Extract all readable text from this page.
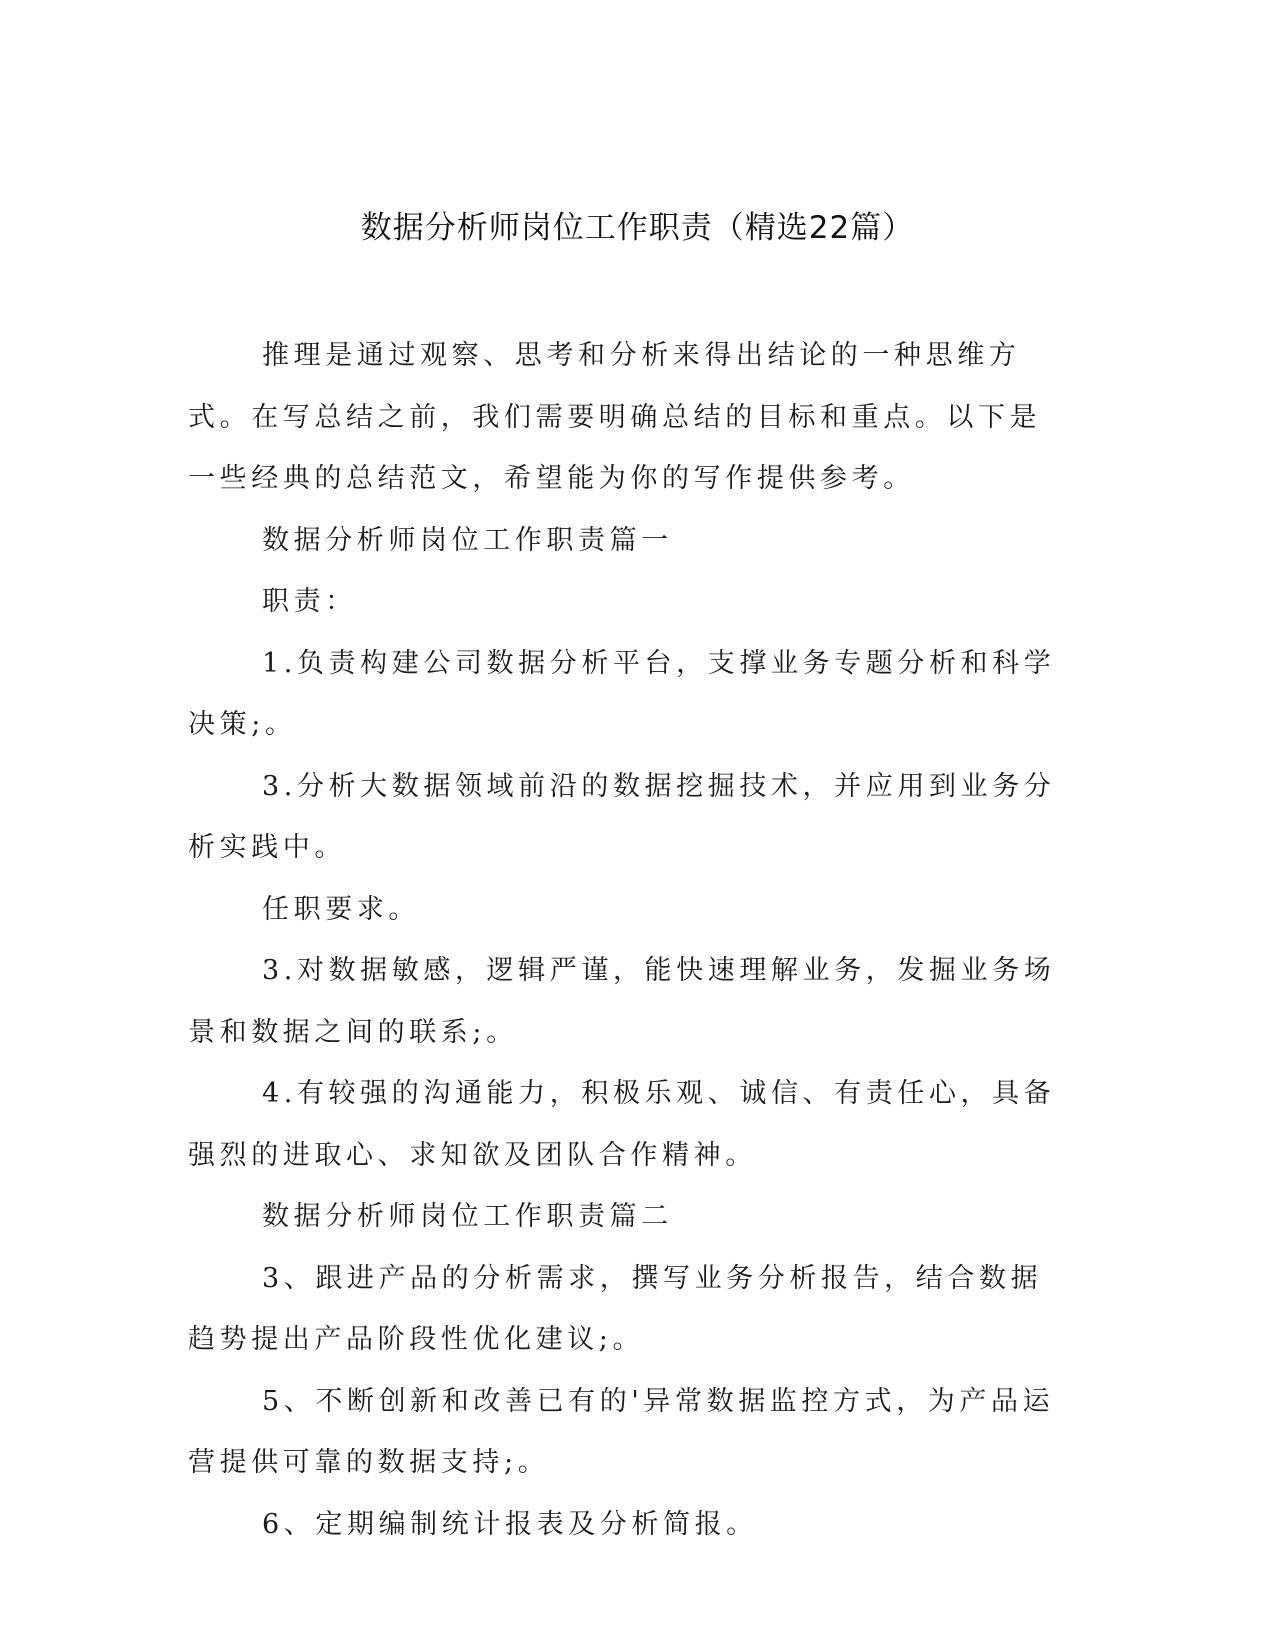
数据分析师岗位工作职责（精选22篇）

推理是通过观察、思考和分析来得出结论的一种思维方式。在写总结之前，我们需要明确总结的目标和重点。以下是一些经典的总结范文，希望能为你的写作提供参考。

数据分析师岗位工作职责篇一

职责：

1.负责构建公司数据分析平台，支撑业务专题分析和科学决策;。

3.分析大数据领域前沿的数据挖掘技术，并应用到业务分析实践中。

任职要求。

3.对数据敏感，逻辑严谨，能快速理解业务，发掘业务场景和数据之间的联系;。

4.有较强的沟通能力，积极乐观、诚信、有责任心，具备强烈的进取心、求知欲及团队合作精神。

数据分析师岗位工作职责篇二

3、跟进产品的分析需求，撰写业务分析报告，结合数据趋势提出产品阶段性优化建议;。

5、不断创新和改善已有的'异常数据监控方式，为产品运营提供可靠的数据支持;。

6、定期编制统计报表及分析简报。
